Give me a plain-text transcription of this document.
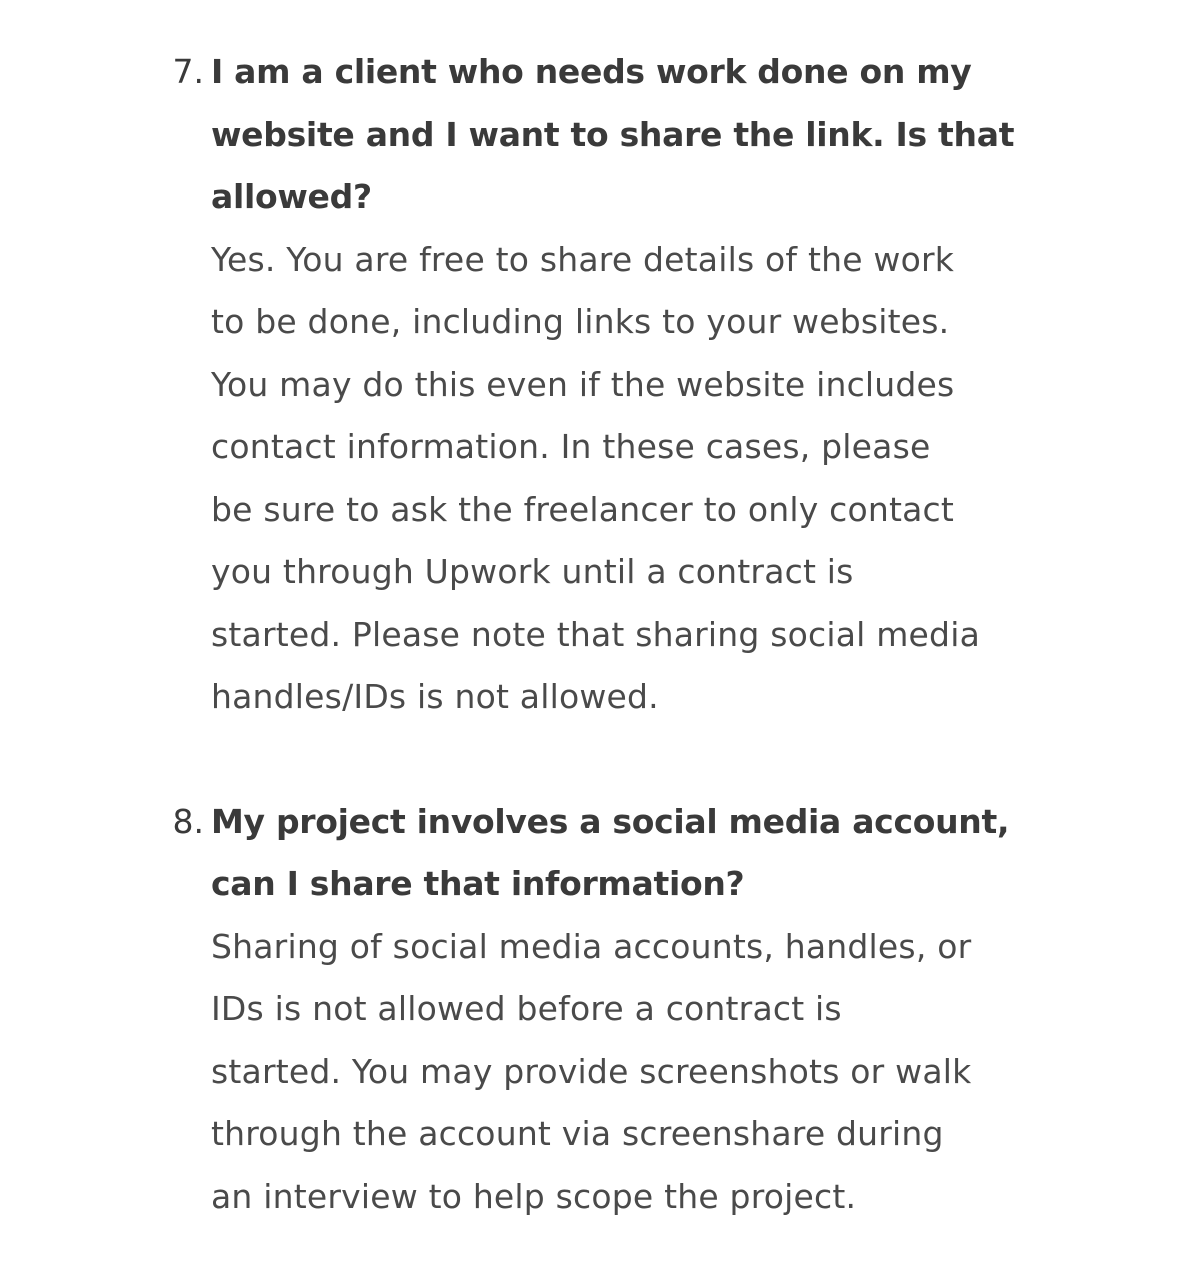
7. I am a client who needs work done on my
website and I want to share the link. Is that
allowed?

Yes. You are free to share details of the work
to be done, including links to your websites.
You may do this even if the website includes
contact information. In these cases, please
be sure to ask the freelancer to only contact
you through Upwork until a contract is
started. Please note that sharing social media
handles/IDs is not allowed.

8. My project involves a social media account,
can I share that information?

Sharing of social media accounts, handles, or
IDs is not allowed before a contract is
started. You may provide screenshots or walk
through the account via screenshare during
an interview to help scope the project.
